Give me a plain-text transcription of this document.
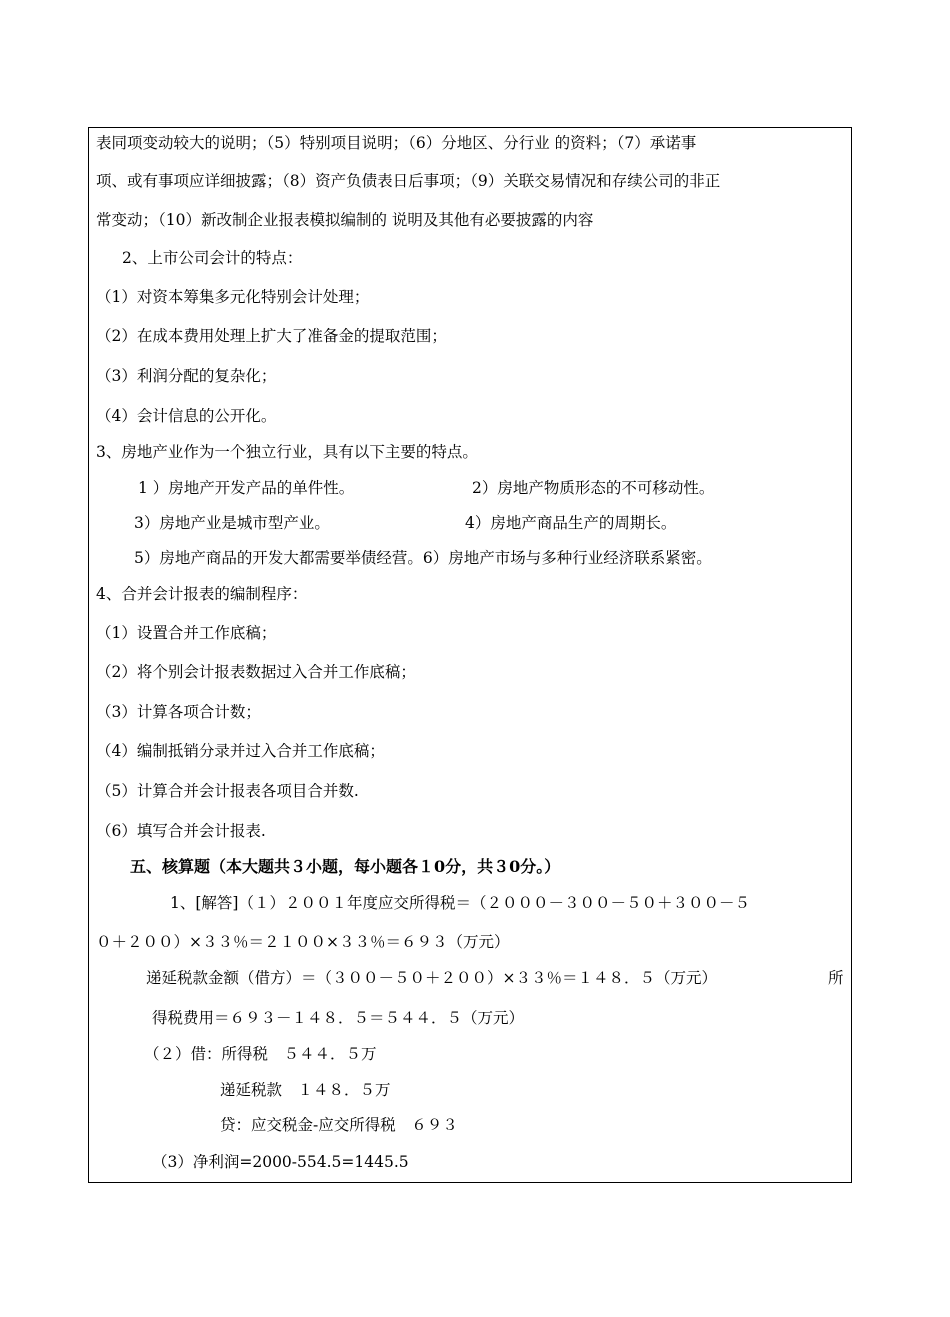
表同项变动较大的说明；（5）特别项目说明；（6）分地区、分行业 的资料；（7）承诺事
项、或有事项应详细披露；（8）资产负债表日后事项；（9）关联交易情况和存续公司的非正
常变动；（10）新改制企业报表模拟编制的 说明及其他有必要披露的内容
2、上市公司会计的特点：
（1）对资本筹集多元化特别会计处理；
（2）在成本费用处理上扩大了准备金的提取范围；
（3）利润分配的复杂化；
（4）会计信息的公开化。
3、房地产业作为一个独立行业，具有以下主要的特点。
1 ）房地产开发产品的单件性。	2）房地产物质形态的不可移动性。
3）房地产业是城市型产业。	4）房地产商品生产的周期长。
5）房地产商品的开发大都需要举债经营。6）房地产市场与多种行业经济联系紧密。
4、合并会计报表的编制程序：
（1）设置合并工作底稿；
（2）将个别会计报表数据过入合并工作底稿；
（3）计算各项合计数；
（4）编制抵销分录并过入合并工作底稿；
（5）计算合并会计报表各项目合并数.
（6）填写合并会计报表.
五、核算题（本大题共３小题，每小题各１0分，共３0分。）
1、[解答]（１）２００１年度应交所得税＝（２０００－３００－５０＋３００－５
０＋２００）×３３％＝２１００×３３％＝６９３（万元）
递延税款金额（借方）＝（３００－５０＋２００）×３３％＝１４８．５（万元）	所
得税费用＝６９３－１４８．５＝５４４．５（万元）
（２）借：所得税　５４４．５万
递延税款　１４８．５万
贷：应交税金-应交所得税　６９３
（3）净利润=2000-554.5=1445.5
